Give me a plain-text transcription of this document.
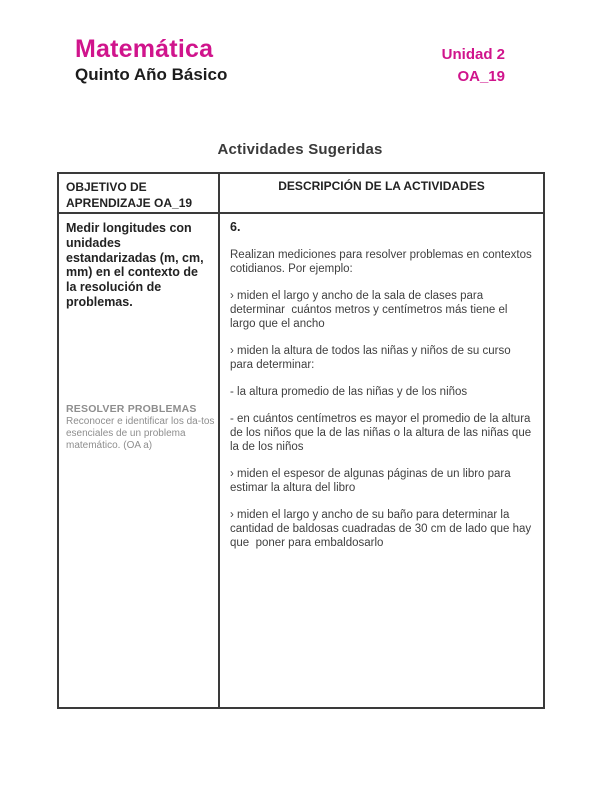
Matemática
Quinto Año Básico
Unidad 2
OA_19
Actividades Sugeridas
OBJETIVO DE APRENDIZAJE OA_19
DESCRIPCIÓN DE LA ACTIVIDADES
Medir longitudes con unidades estandarizadas (m, cm, mm) en el contexto de la resolución de problemas.
RESOLVER PROBLEMAS
Reconocer e identificar los da-tos esenciales de un problema matemático. (OA a)
6.

Realizan mediciones para resolver problemas en contextos cotidianos. Por ejemplo:

› miden el largo y ancho de la sala de clases para determinar  cuántos metros y centímetros más tiene el largo que el ancho

› miden la altura de todos las niñas y niños de su curso para determinar:

- la altura promedio de las niñas y de los niños

- en cuántos centímetros es mayor el promedio de la altura de los niños que la de las niñas o la altura de las niñas que la de los niños

› miden el espesor de algunas páginas de un libro para estimar la altura del libro

› miden el largo y ancho de su baño para determinar la cantidad de baldosas cuadradas de 30 cm de lado que hay que  poner para embaldosarlo
